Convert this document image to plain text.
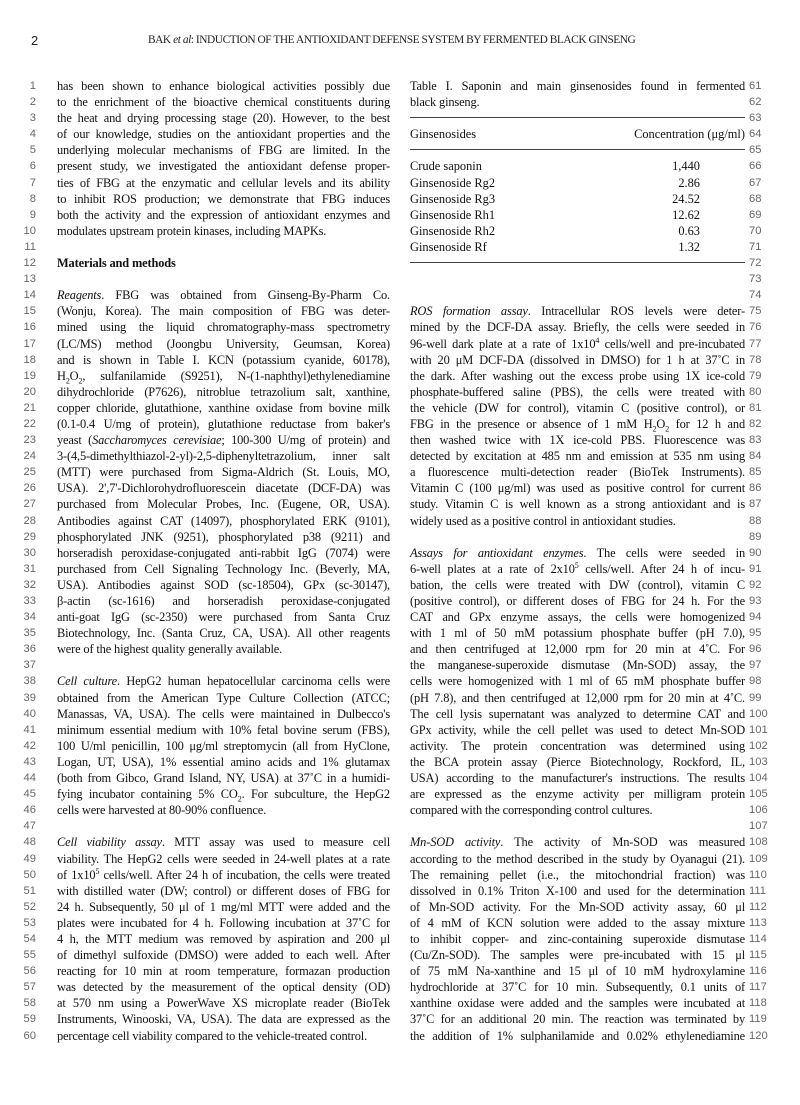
2	BAK et al: INDUCTION OF THE ANTIOXIDANT DEFENSE SYSTEM BY FERMENTED BLACK GINSENG
1
2
3
4
5
6
7
8
9
10
11
12
13
14
15
16
17
18
19
20
21
22
23
24
25
26
27
28
29
30
31
32
33
34
35
36
37
38
39
40
41
42
43
44
45
46
47
48
49
50
51
52
53
54
55
56
57
58
59
60
61
62
63
64
65
66
67
68
69
70
71
72
73
74
75
76
77
78
79
80
81
82
83
84
85
86
87
88
89
90
91
92
93
94
95
96
97
98
99
100
101
102
103
104
105
106
107
108
109
110
111
112
113
114
115
116
117
118
119
120
has been shown to enhance biological activities possibly due
to the enrichment of the bioactive chemical constituents during
the heat and drying processing stage (20). However, to the best
of our knowledge, studies on the antioxidant properties and the
underlying molecular mechanisms of FBG are limited. In the
present study, we investigated the antioxidant defense proper-
ties of FBG at the enzymatic and cellular levels and its ability
to inhibit ROS production; we demonstrate that FBG induces
both the activity and the expression of antioxidant enzymes and
modulates upstream protein kinases, including MAPKs.
Materials and methods
Reagents. FBG was obtained from Ginseng-By-Pharm Co.
(Wonju, Korea). The main composition of FBG was deter-
mined using the liquid chromatography-mass spectrometry
(LC/MS) method (Joongbu University, Geumsan, Korea)
and is shown in Table I. KCN (potassium cyanide, 60178),
$H_2O_2$, sulfanilamide (S9251), N-(1-naphthyl)ethylenediamine
dihydrochloride (P7626), nitroblue tetrazolium salt, xanthine,
copper chloride, glutathione, xanthine oxidase from bovine milk
(0.1-0.4 U/mg of protein), glutathione reductase from baker's
yeast (Saccharomyces cerevisiae; 100-300 U/mg of protein) and
3-(4,5-dimethylthiazol-2-yl)-2,5-diphenyltetrazolium, inner salt
(MTT) were purchased from Sigma-Aldrich (St. Louis, MO,
USA). 2',7'-Dichlorohydrofluorescein diacetate (DCF-DA) was
purchased from Molecular Probes, Inc. (Eugene, OR, USA).
Antibodies against CAT (14097), phosphorylated ERK (9101),
phosphorylated JNK (9251), phosphorylated p38 (9211) and
horseradish peroxidase-conjugated anti-rabbit IgG (7074) were
purchased from Cell Signaling Technology Inc. (Beverly, MA,
USA). Antibodies against SOD (sc-18504), GPx (sc-30147),
β-actin (sc-1616) and horseradish peroxidase-conjugated
anti-goat IgG (sc-2350) were purchased from Santa Cruz
Biotechnology, Inc. (Santa Cruz, CA, USA). All other reagents
were of the highest quality generally available.
Cell culture. HepG2 human hepatocellular carcinoma cells were
obtained from the American Type Culture Collection (ATCC;
Manassas, VA, USA). The cells were maintained in Dulbecco's
minimum essential medium with 10% fetal bovine serum (FBS),
100 U/ml penicillin, 100 μg/ml streptomycin (all from HyClone,
Logan, UT, USA), 1% essential amino acids and 1% glutamax
(both from Gibco, Grand Island, NY, USA) at 37˚C in a humidi-
fying incubator containing 5% $CO_2$. For subculture, the HepG2
cells were harvested at 80-90% confluence.
Cell viability assay. MTT assay was used to measure cell
viability. The HepG2 cells were seeded in 24-well plates at a rate
of $1x10^5$ cells/well. After 24 h of incubation, the cells were treated
with distilled water (DW; control) or different doses of FBG for
24 h. Subsequently, 50 μl of 1 mg/ml MTT were added and the
plates were incubated for 4 h. Following incubation at 37˚C for
4 h, the MTT medium was removed by aspiration and 200 μl
of dimethyl sulfoxide (DMSO) were added to each well. After
reacting for 10 min at room temperature, formazan production
was detected by the measurement of the optical density (OD)
at 570 nm using a PowerWave XS microplate reader (BioTek
Instruments, Winooski, VA, USA). The data are expressed as the
percentage cell viability compared to the vehicle-treated control.
Table I. Saponin and main ginsenosides found in fermented
black ginseng.
Ginsenosides	Concentration (μg/ml)
Crude saponin	1,440
Ginsenoside Rg2	2.86
Ginsenoside Rg3	24.52
Ginsenoside Rh1	12.62
Ginsenoside Rh2	0.63
Ginsenoside Rf	1.32
ROS formation assay. Intracellular ROS levels were deter-
mined by the DCF-DA assay. Briefly, the cells were seeded in
96-well dark plate at a rate of $1x10^4$ cells/well and pre-incubated
with 20 μM DCF-DA (dissolved in DMSO) for 1 h at 37˚C in
the dark. After washing out the excess probe using 1X ice-cold
phosphate-buffered saline (PBS), the cells were treated with
the vehicle (DW for control), vitamin C (positive control), or
FBG in the presence or absence of 1 mM $H_2O_2$ for 12 h and
then washed twice with 1X ice-cold PBS. Fluorescence was
detected by excitation at 485 nm and emission at 535 nm using
a fluorescence multi-detection reader (BioTek Instruments).
Vitamin C (100 μg/ml) was used as positive control for current
study. Vitamin C is well known as a strong antioxidant and is
widely used as a positive control in antioxidant studies.
Assays for antioxidant enzymes. The cells were seeded in
6-well plates at a rate of $2x10^5$ cells/well. After 24 h of incu-
bation, the cells were treated with DW (control), vitamin C
(positive control), or different doses of FBG for 24 h. For the
CAT and GPx enzyme assays, the cells were homogenized
with 1 ml of 50 mM potassium phosphate buffer (pH 7.0),
and then centrifuged at 12,000 rpm for 20 min at 4˚C. For
the manganese-superoxide dismutase (Mn-SOD) assay, the
cells were homogenized with 1 ml of 65 mM phosphate buffer
(pH 7.8), and then centrifuged at 12,000 rpm for 20 min at 4˚C.
The cell lysis supernatant was analyzed to determine CAT and
GPx activity, while the cell pellet was used to detect Mn-SOD
activity. The protein concentration was determined using
the BCA protein assay (Pierce Biotechnology, Rockford, IL,
USA) according to the manufacturer's instructions. The results
are expressed as the enzyme activity per milligram protein
compared with the corresponding control cultures.
Mn-SOD activity. The activity of Mn-SOD was measured
according to the method described in the study by Oyanagui (21).
The remaining pellet (i.e., the mitochondrial fraction) was
dissolved in 0.1% Triton X-100 and used for the determination
of Mn-SOD activity. For the Mn-SOD activity assay, 60 μl
of 4 mM of KCN solution were added to the assay mixture
to inhibit copper- and zinc-containing superoxide dismutase
(Cu/Zn-SOD). The samples were pre-incubated with 15 μl
of 75 mM Na-xanthine and 15 μl of 10 mM hydroxylamine
hydrochloride at 37˚C for 10 min. Subsequently, 0.1 units of
xanthine oxidase were added and the samples were incubated at
37˚C for an additional 20 min. The reaction was terminated by
the addition of 1% sulphanilamide and 0.02% ethylenediamine
